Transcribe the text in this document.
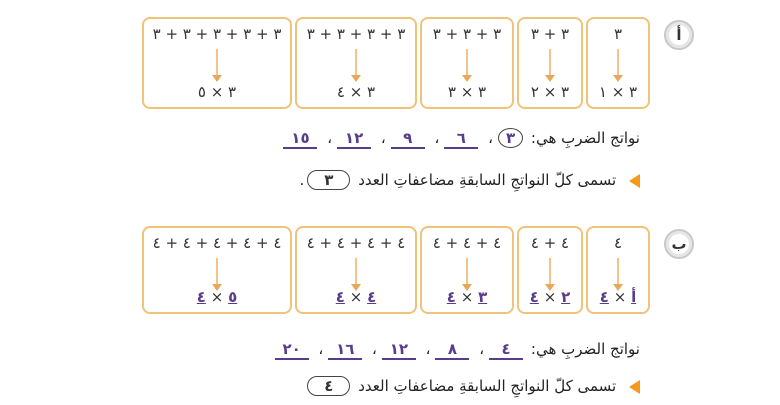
أ
٣
٣ × ١
٣ + ٣
٣ × ٢
٣ + ٣ + ٣
٣ × ٣
٣ + ٣ + ٣ + ٣
٣ × ٤
٣ + ٣ + ٣ + ٣ + ٣
٣ × ٥
نواتج الضربِ هي: ٣، ٦، ٩، ١٢، ١٥
تسمى كلّ النواتجِ السابقةِ مضاعفاتِ العدد ٣.
ب
٤
أ × ٤
٤ + ٤
٢ × ٤
٤ + ٤ + ٤
٣ × ٤
٤ + ٤ + ٤ + ٤
٤ × ٤
٤ + ٤ + ٤ + ٤ + ٤
٥ × ٤
نواتج الضربِ هي: ٤، ٨، ١٢، ١٦، ٢٠
تسمى كلّ النواتجِ السابقةِ مضاعفاتِ العدد ٤
